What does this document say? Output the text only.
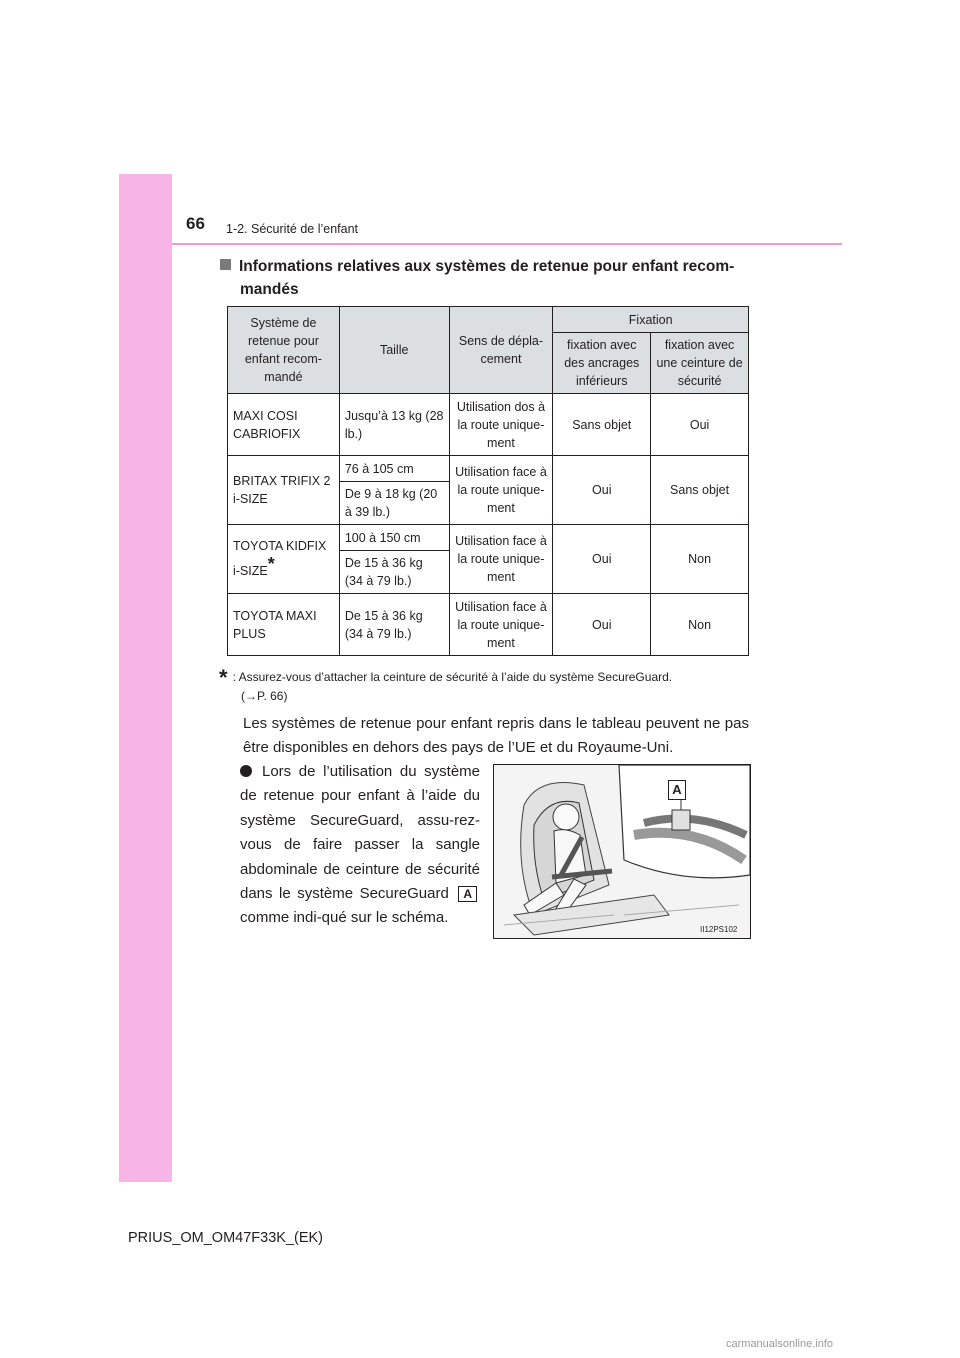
66 1-2. Sécurité de l’enfant
Informations relatives aux systèmes de retenue pour enfant recom-
mandés
Système de retenue pour enfant recom-mandé	Taille	Sens de dépla-cement	Fixation	
			fixation avec des ancrages inférieurs	fixation avec une ceinture de sécurité
MAXI COSI CABRIOFIX	Jusqu’à 13 kg (28 lb.)	Utilisation dos à la route unique-ment	Sans objet	Oui
BRITAX TRIFIX 2 i-SIZE	76 à 105 cm	Utilisation face à la route unique-ment	Oui	Sans objet
	De 9 à 18 kg (20 à 39 lb.)			
TOYOTA KIDFIX i-SIZE*	100 à 150 cm	Utilisation face à la route unique-ment	Oui	Non
	De 15 à 36 kg (34 à 79 lb.)			
TOYOTA MAXI PLUS	De 15 à 36 kg (34 à 79 lb.)	Utilisation face à la route unique-ment	Oui	Non
* : Assurez-vous d’attacher la ceinture de sécurité à l’aide du système SecureGuard.
(→P. 66)
Les systèmes de retenue pour enfant repris dans le tableau peuvent ne pas être disponibles en dehors des pays de l’UE et du Royaume-Uni.
Lors de l’utilisation du système de retenue pour enfant à l’aide du système SecureGuard, assu-rez-vous de faire passer la sangle abdominale de ceinture de sécurité dans le système SecureGuard A comme indi-qué sur le schéma.
A
II12PS102
PRIUS_OM_OM47F33K_(EK)
carmanualsonline.info
